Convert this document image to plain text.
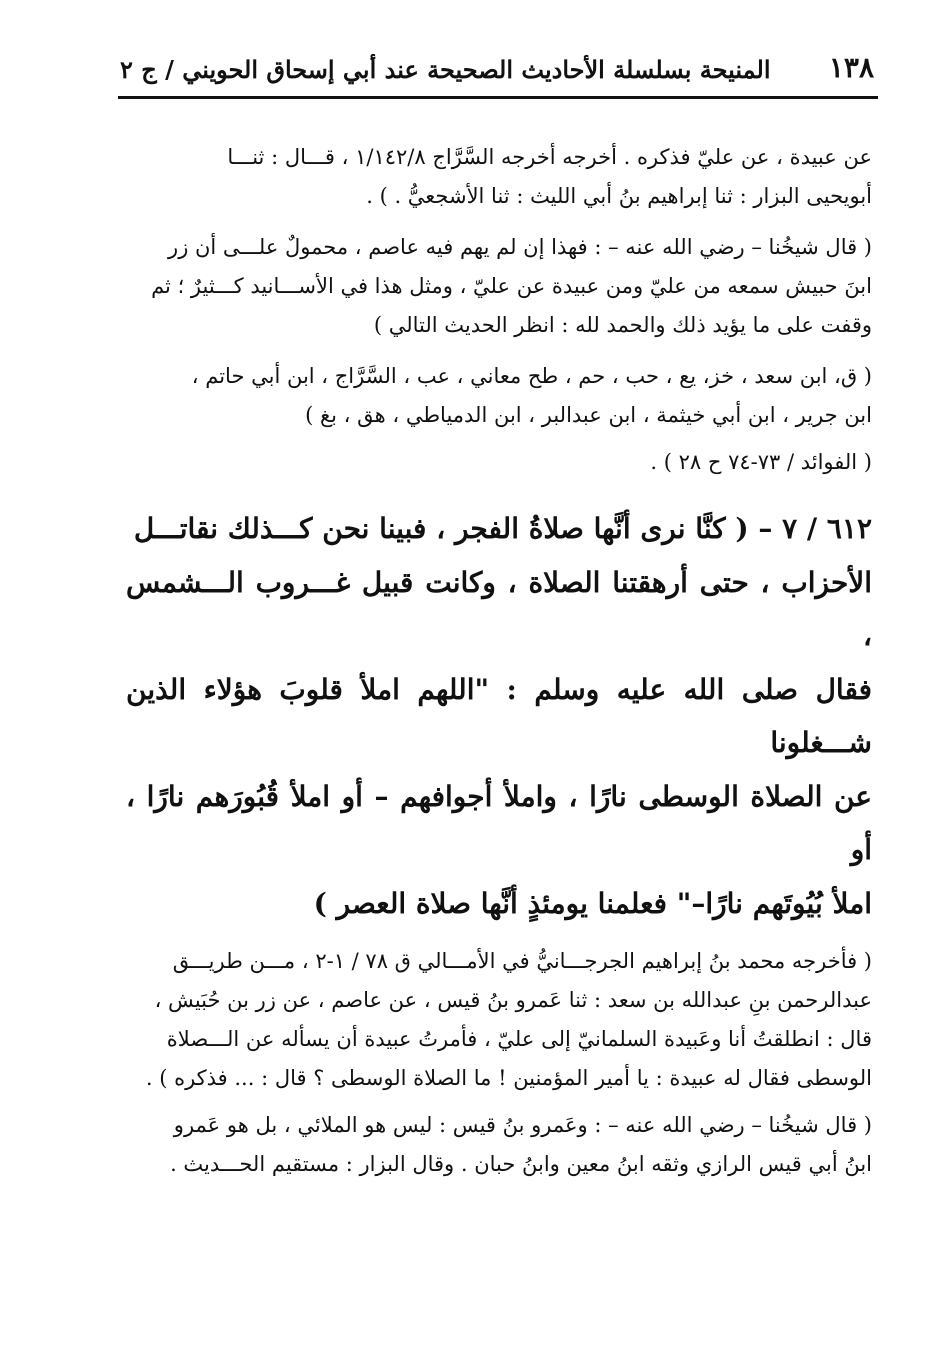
١٣٨
المنيحة بسلسلة الأحاديث الصحيحة عند أبي إسحاق الحويني / ج ٢

عن عبيدة ، عن عليّ فذكره . أخرجه أخرجه السَّرَّاج ١/١٤٢/٨ ، قـــال : ثنـــا
أبويحيى البزار : ثنا إبراهيم بنُ أبي الليث : ثنا الأشجعيُّ . ) .

( قال شيخُنا – رضي الله عنه – : فهذا إن لم يهم فيه عاصم ، محمولٌ علـــى أن زر
ابنَ حبيش سمعه من عليّ ومن عبيدة عن عليّ ، ومثل هذا في الأســـانيد كـــثيرٌ ؛ ثم
وقفت على ما يؤيد ذلك والحمد لله : انظر الحديث التالي )

( ق، ابن سعد ، خز، يع ، حب ، حم ، طح معاني ، عب ، السَّرَّاج ، ابن أبي حاتم ،
ابن جرير ، ابن أبي خيثمة ، ابن عبدالبر ، ابن الدمياطي ، هق ، بغ )

( الفوائد / ٧٣-٧٤ ح ٢٨ ) .

٦١٢ / ٧ – ( كنَّا نرى أنَّها صلاةُ الفجر ، فبينا نحن كـــذلك نقاتـــل
الأحزاب ، حتى أرهقتنا الصلاة ، وكانت قبيل غـــروب الـــشمس ،
فقال صلى الله عليه وسلم : "اللهم املأ قلوبَ هؤلاء الذين شـــغلونا
عن الصلاة الوسطى نارًا ، واملأ أجوافهم – أو املأ قُبُورَهم نارًا ، أو
املأ بُيُوتَهم نارًا–" فعلمنا يومئذٍ أنَّها صلاة العصر )

( فأخرجه محمد بنُ إبراهيم الجرجـــانيُّ في الأمـــالي ق ٧٨ / ١-٢ ، مـــن طريـــق
عبدالرحمن بنِ عبدالله بن سعد : ثنا عَمرو بنُ قيس ، عن عاصم ، عن زر بن حُبَيش ،
قال : انطلقتُ أنا وعَبيدة السلمانيّ إلى عليّ ، فأمرتُ عبيدة أن يسأله عن الـــصلاة
الوسطى فقال له عبيدة : يا أمير المؤمنين ! ما الصلاة الوسطى ؟ قال : ... فذكره ) .

( قال شيخُنا – رضي الله عنه – : وعَمرو بنُ قيس : ليس هو الملائي ، بل هو عَمرو
ابنُ أبي قيس الرازي وثقه ابنُ معين وابنُ حبان . وقال البزار : مستقيم الحـــديث .
